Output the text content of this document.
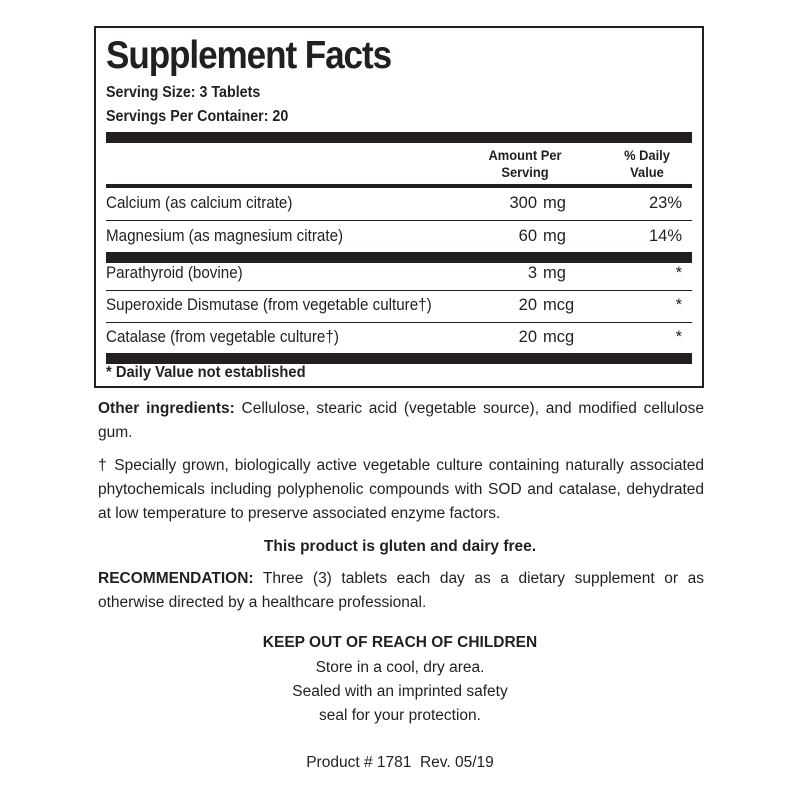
Supplement Facts
Serving Size: 3 Tablets
Servings Per Container: 20
Amount Per
Serving
% Daily
Value
Calcium (as calcium citrate)	300 mg	23%
Magnesium (as magnesium citrate)	60 mg	14%
Parathyroid (bovine)	3 mg	*
Superoxide Dismutase (from vegetable culture†)	20 mcg	*
Catalase (from vegetable culture†)	20 mcg	*
* Daily Value not established
Other ingredients: Cellulose, stearic acid (vegetable source), and modified cellulose gum.
† Specially grown, biologically active vegetable culture containing naturally associated phytochemicals including polyphenolic compounds with SOD and catalase, dehydrated at low temperature to preserve associated enzyme factors.
This product is gluten and dairy free.
RECOMMENDATION: Three (3) tablets each day as a dietary supplement or as otherwise directed by a healthcare professional.
KEEP OUT OF REACH OF CHILDREN
Store in a cool, dry area.
Sealed with an imprinted safety
seal for your protection.
Product # 1781  Rev. 05/19
